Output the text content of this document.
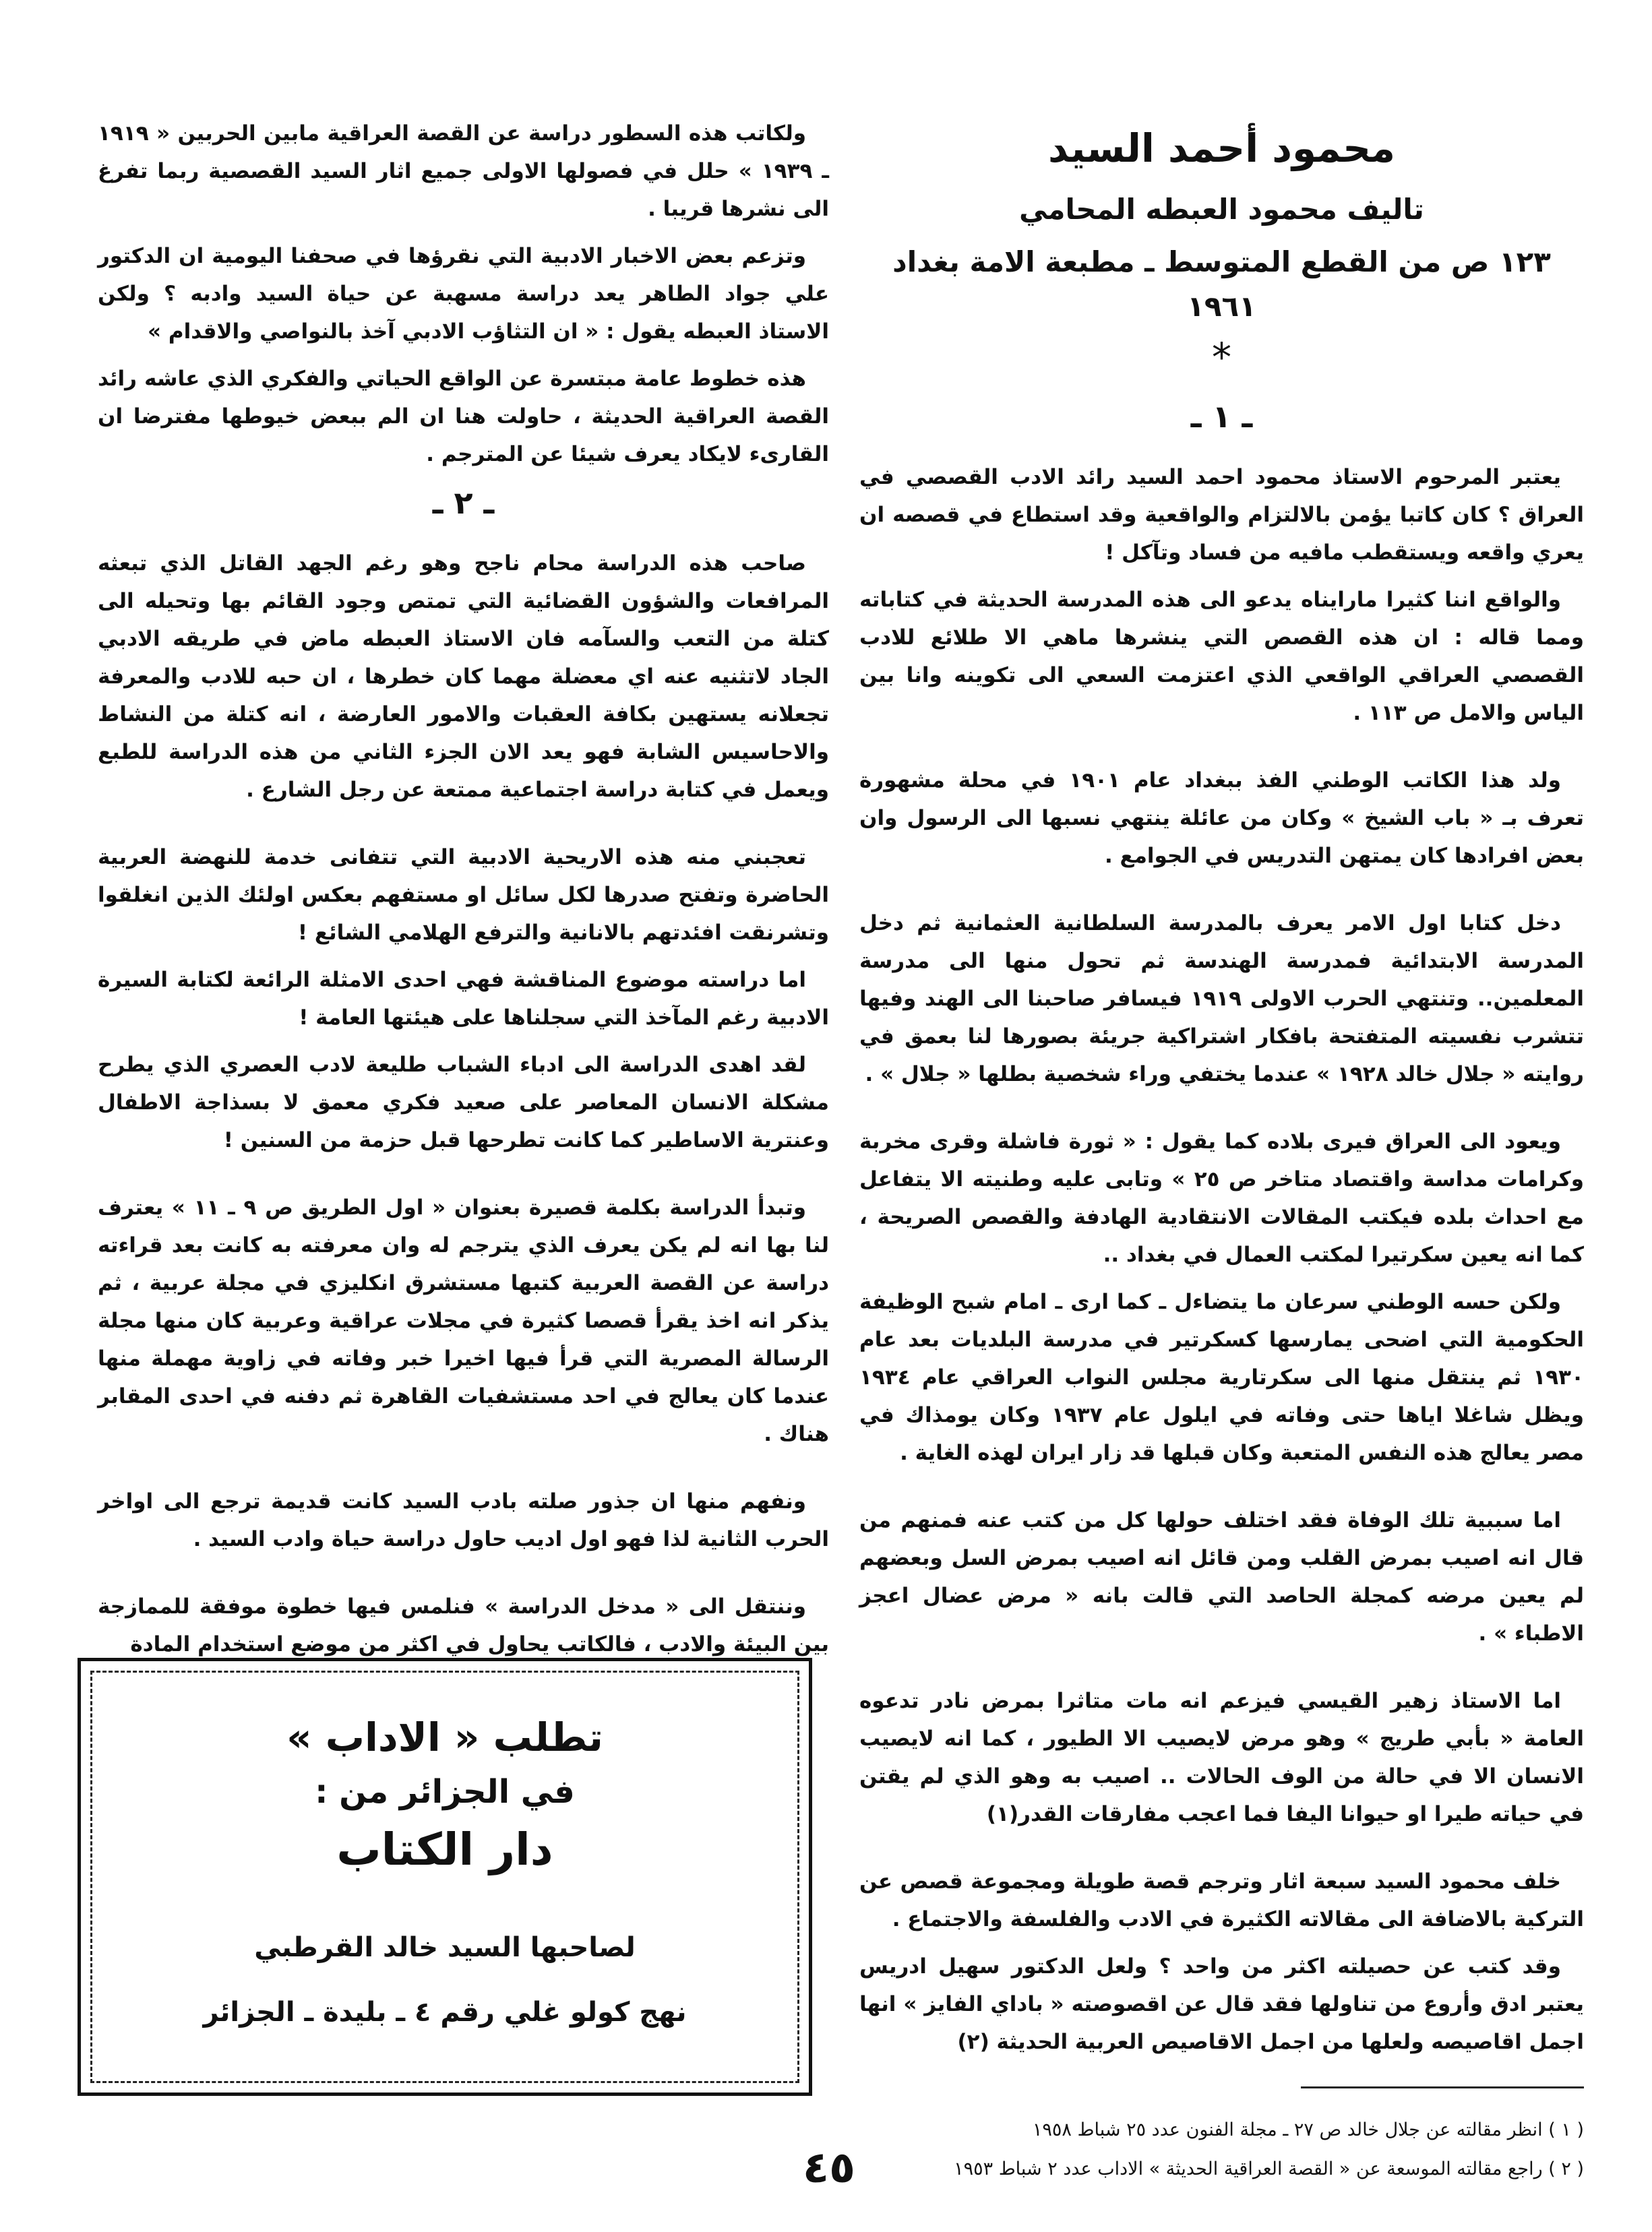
محمود أحمد السيد
تاليف محمود العبطه المحامي
١٢٣ ص من القطع المتوسط ـ مطبعة الامة بغداد ١٩٦١
*
ـ ١ ـ

يعتبر المرحوم الاستاذ محمود احمد السيد رائد الادب القصصي في العراق ؟ كان كاتبا يؤمن بالالتزام والواقعية وقد استطاع في قصصه ان يعري واقعه ويستقطب مافيه من فساد وتآكل !

والواقع اننا كثيرا مارايناه يدعو الى هذه المدرسة الحديثة في كتاباته ومما قاله : ان هذه القصص التي ينشرها ماهي الا طلائع للادب القصصي العراقي الواقعي الذي اعتزمت السعي الى تكوينه وانا بين الياس والامل ص ١١٣ .

ولد هذا الكاتب الوطني الفذ ببغداد عام ١٩٠١ في محلة مشهورة تعرف بـ « باب الشيخ » وكان من عائلة ينتهي نسبها الى الرسول وان بعض افرادها كان يمتهن التدريس في الجوامع .

دخل كتابا اول الامر يعرف بالمدرسة السلطانية العثمانية ثم دخل المدرسة الابتدائية فمدرسة الهندسة ثم تحول منها الى مدرسة المعلمين.. وتنتهي الحرب الاولى ١٩١٩ فيسافر صاحبنا الى الهند وفيها تتشرب نفسيته المتفتحة بافكار اشتراكية جريئة بصورها لنا بعمق في روايته « جلال خالد ١٩٢٨ » عندما يختفي وراء شخصية بطلها « جلال » .

ويعود الى العراق فيرى بلاده كما يقول : « ثورة فاشلة وقرى مخربة وكرامات مداسة واقتصاد متاخر ص ٢٥ » وتابى عليه وطنيته الا يتفاعل مع احداث بلده فيكتب المقالات الانتقادية الهادفة والقصص الصريحة ، كما انه يعين سكرتيرا لمكتب العمال في بغداد ..

ولكن حسه الوطني سرعان ما يتضاءل ـ كما ارى ـ امام شبح الوظيفة الحكومية التي اضحى يمارسها كسكرتير في مدرسة البلديات بعد عام ١٩٣٠ ثم ينتقل منها الى سكرتارية مجلس النواب العراقي عام ١٩٣٤ ويظل شاغلا اياها حتى وفاته في ايلول عام ١٩٣٧ وكان يومذاك في مصر يعالج هذه النفس المتعبة وكان قبلها قد زار ايران لهذه الغاية .

اما سببية تلك الوفاة فقد اختلف حولها كل من كتب عنه فمنهم من قال انه اصيب بمرض القلب ومن قائل انه اصيب بمرض السل وبعضهم لم يعين مرضه كمجلة الحاصد التي قالت بانه « مرض عضال اعجز الاطباء » .

اما الاستاذ زهير القيسي فيزعم انه مات متاثرا بمرض نادر تدعوه العامة « بأبي طريج » وهو مرض لايصيب الا الطيور ، كما انه لايصيب الانسان الا في حالة من الوف الحالات .. اصيب به وهو الذي لم يقتن في حياته طيرا او حيوانا اليفا فما اعجب مفارقات القدر(١)

خلف محمود السيد سبعة اثار وترجم قصة طويلة ومجموعة قصص عن التركية بالاضافة الى مقالاته الكثيرة في الادب والفلسفة والاجتماع .

وقد كتب عن حصيلته اكثر من واحد ؟ ولعل الدكتور سهيل ادريس يعتبر ادق وأروع من تناولها فقد قال عن اقصوصته « باداي الفايز » انها اجمل اقاصيصه ولعلها من اجمل الاقاصيص العربية الحديثة (٢)

( ١ ) انظر مقالته عن جلال خالد ص ٢٧ ـ مجلة الفنون عدد ٢٥ شباط ١٩٥٨

( ٢ ) راجع مقالته الموسعة عن « القصة العراقية الحديثة » الاداب عدد ٢ شباط ١٩٥٣

ولكاتب هذه السطور دراسة عن القصة العراقية مابين الحربين « ١٩١٩ ـ ١٩٣٩ » حلل في فصولها الاولى جميع اثار السيد القصصية ربما تفرغ الى نشرها قريبا .

وتزعم بعض الاخبار الادبية التي نقرؤها في صحفنا اليومية ان الدكتور علي جواد الطاهر يعد دراسة مسهبة عن حياة السيد وادبه ؟ ولكن الاستاذ العبطه يقول : « ان التثاؤب الادبي آخذ بالنواصي والاقدام »

هذه خطوط عامة مبتسرة عن الواقع الحياتي والفكري الذي عاشه رائد القصة العراقية الحديثة ، حاولت هنا ان الم ببعض خيوطها مفترضا ان القارىء لايكاد يعرف شيئا عن المترجم .

ـ ٢ ـ

صاحب هذه الدراسة محام ناجح وهو رغم الجهد القاتل الذي تبعثه المرافعات والشؤون القضائية التي تمتص وجود القائم بها وتحيله الى كتلة من التعب والسآمه فان الاستاذ العبطه ماض في طريقه الادبي الجاد لاتثنيه عنه اي معضلة مهما كان خطرها ، ان حبه للادب والمعرفة تجعلانه يستهين بكافة العقبات والامور العارضة ، انه كتلة من النشاط والاحاسيس الشابة فهو يعد الان الجزء الثاني من هذه الدراسة للطبع ويعمل في كتابة دراسة اجتماعية ممتعة عن رجل الشارع .

تعجبني منه هذه الاريحية الادبية التي تتفانى خدمة للنهضة العربية الحاضرة وتفتح صدرها لكل سائل او مستفهم بعكس اولئك الذين انغلقوا وتشرنقت افئدتهم بالانانية والترفع الهلامي الشائع !

اما دراسته موضوع المناقشة فهي احدى الامثلة الرائعة لكتابة السيرة الادبية رغم المآخذ التي سجلناها على هيئتها العامة !

لقد اهدى الدراسة الى ادباء الشباب طليعة لادب العصري الذي يطرح مشكلة الانسان المعاصر على صعيد فكري معمق لا بسذاجة الاطفال وعنترية الاساطير كما كانت تطرحها قبل حزمة من السنين !

وتبدأ الدراسة بكلمة قصيرة بعنوان « اول الطريق ص ٩ ـ ١١ » يعترف لنا بها انه لم يكن يعرف الذي يترجم له وان معرفته به كانت بعد قراءته دراسة عن القصة العربية كتبها مستشرق انكليزي في مجلة عربية ، ثم يذكر انه اخذ يقرأ قصصا كثيرة في مجلات عراقية وعربية كان منها مجلة الرسالة المصرية التي قرأ فيها اخيرا خبر وفاته في زاوية مهملة منها عندما كان يعالج في احد مستشفيات القاهرة ثم دفنه في احدى المقابر هناك .

ونفهم منها ان جذور صلته بادب السيد كانت قديمة ترجع الى اواخر الحرب الثانية لذا فهو اول اديب حاول دراسة حياة وادب السيد .

وننتقل الى « مدخل الدراسة » فنلمس فيها خطوة موفقة للممازجة بين البيئة والادب ، فالكاتب يحاول في اكثر من موضع استخدام المادة

تطلب « الاداب »
في الجزائر من :
دار الكتاب
لصاحبها السيد خالد القرطبي
نهج كولو غلي رقم ٤ ـ بليدة ـ الجزائر
٤٥
